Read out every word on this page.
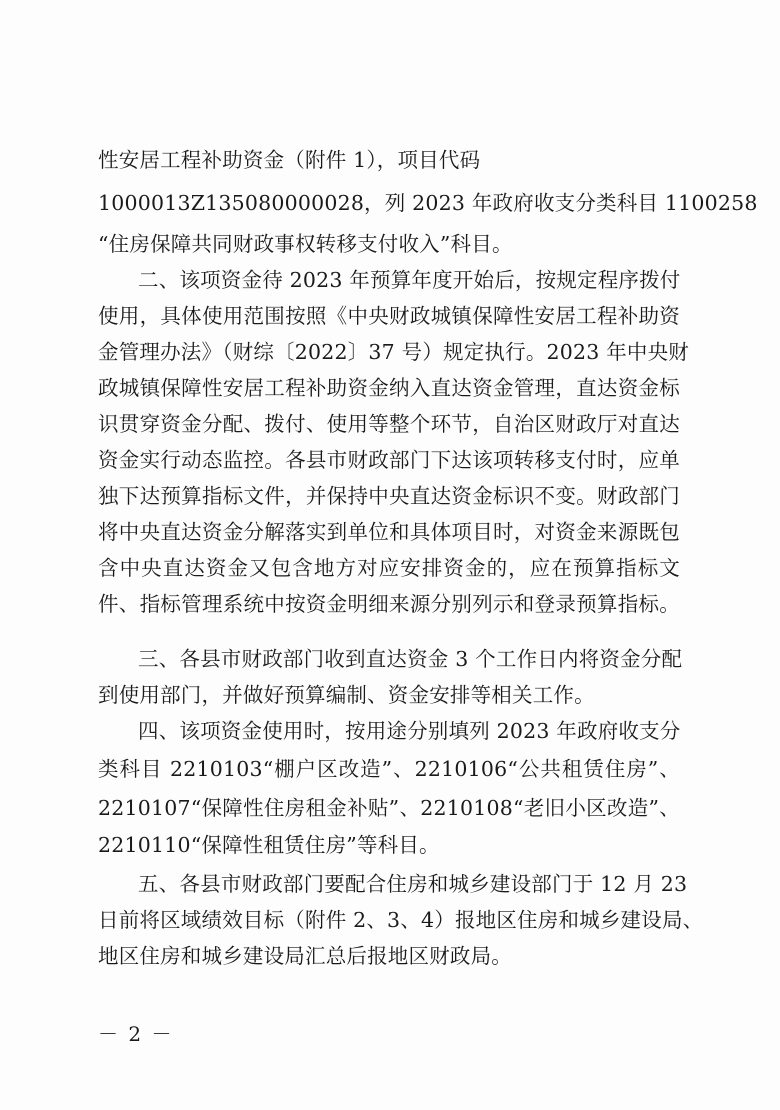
性安居工程补助资金（附件 1），项目代码
1000013Z135080000028，列 2023 年政府收支分类科目 1100258
“住房保障共同财政事权转移支付收入”科目。
二、该项资金待 2023 年预算年度开始后，按规定程序拨付
使用，具体使用范围按照《中央财政城镇保障性安居工程补助资
金管理办法》（财综〔2022〕37 号）规定执行。2023 年中央财
政城镇保障性安居工程补助资金纳入直达资金管理，直达资金标
识贯穿资金分配、拨付、使用等整个环节，自治区财政厅对直达
资金实行动态监控。各县市财政部门下达该项转移支付时，应单
独下达预算指标文件，并保持中央直达资金标识不变。财政部门
将中央直达资金分解落实到单位和具体项目时，对资金来源既包
含中央直达资金又包含地方对应安排资金的，应在预算指标文
件、指标管理系统中按资金明细来源分别列示和登录预算指标。
三、各县市财政部门收到直达资金 3 个工作日内将资金分配
到使用部门，并做好预算编制、资金安排等相关工作。
四、该项资金使用时，按用途分别填列 2023 年政府收支分
类科目 2210103“棚户区改造”、2210106“公共租赁住房”、
2210107“保障性住房租金补贴”、2210108“老旧小区改造”、
2210110“保障性租赁住房”等科目。
五、各县市财政部门要配合住房和城乡建设部门于 12 月 23
日前将区域绩效目标（附件 2、3、4）报地区住房和城乡建设局、
地区住房和城乡建设局汇总后报地区财政局。
－ 2 －
